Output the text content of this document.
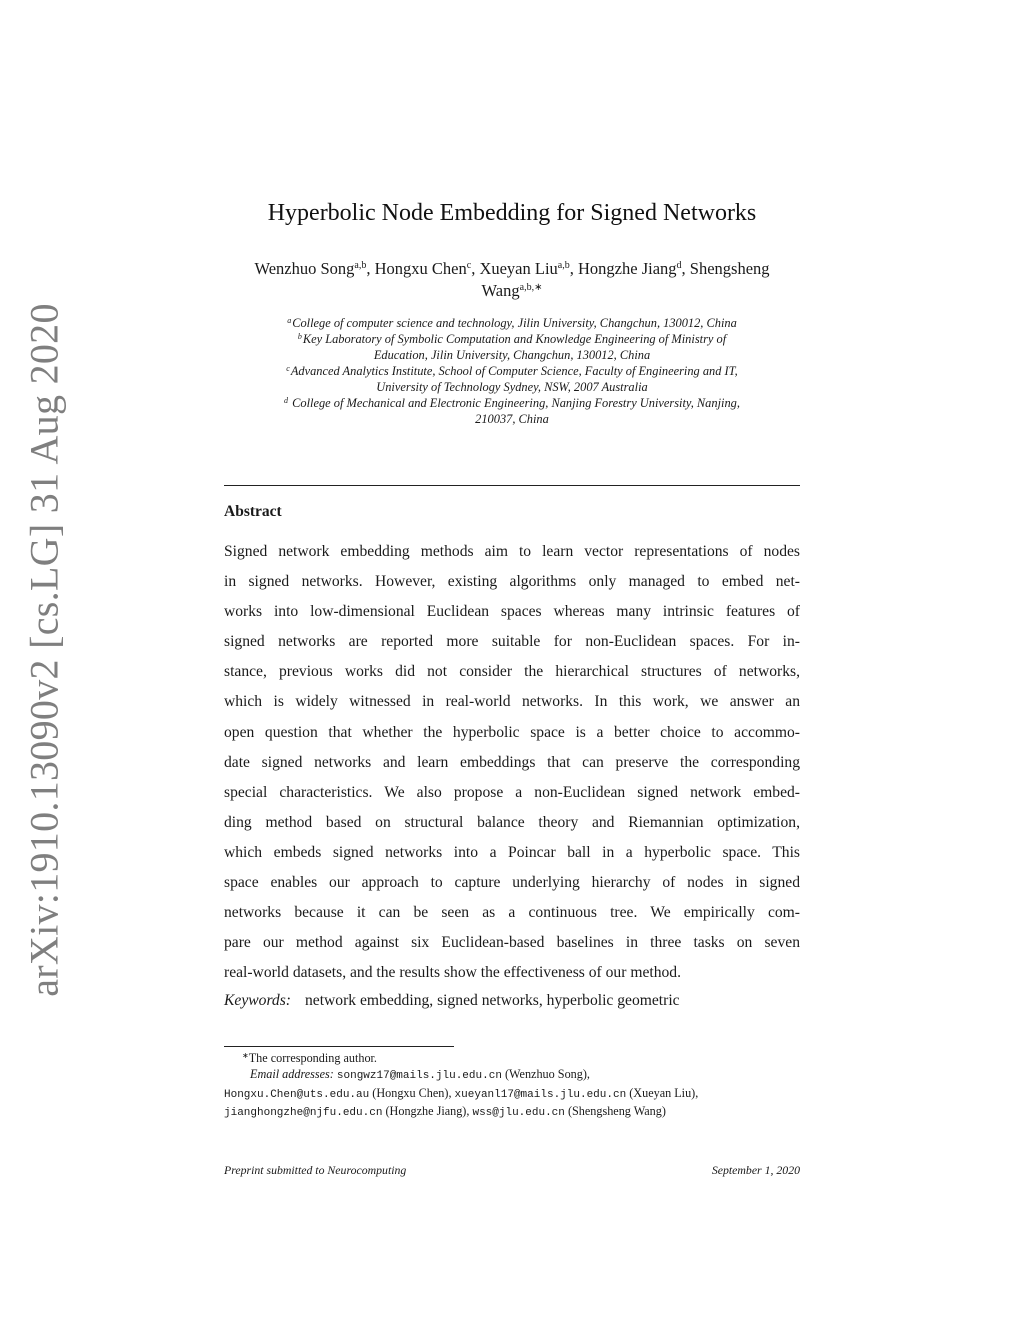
arXiv:1910.13090v2 [cs.LG] 31 Aug 2020
Hyperbolic Node Embedding for Signed Networks
Wenzhuo Song$^{a,b}$, Hongxu Chen$^c$, Xueyan Liu$^{a,b}$, Hongzhe Jiang$^d$, Shengsheng
Wang$^{a,b,∗}$
$^a$College of computer science and technology, Jilin University, Changchun, 130012, China
$^b$Key Laboratory of Symbolic Computation and Knowledge Engineering of Ministry of
Education, Jilin University, Changchun, 130012, China
$^c$Advanced Analytics Institute, School of Computer Science, Faculty of Engineering and IT,
University of Technology Sydney, NSW, 2007 Australia
$^d$ College of Mechanical and Electronic Engineering, Nanjing Forestry University, Nanjing,
210037, China
Abstract
Signed network embedding methods aim to learn vector representations of nodes
in signed networks. However, existing algorithms only managed to embed net-
works into low-dimensional Euclidean spaces whereas many intrinsic features of
signed networks are reported more suitable for non-Euclidean spaces. For in-
stance, previous works did not consider the hierarchical structures of networks,
which is widely witnessed in real-world networks. In this work, we answer an
open question that whether the hyperbolic space is a better choice to accommo-
date signed networks and learn embeddings that can preserve the corresponding
special characteristics. We also propose a non-Euclidean signed network embed-
ding method based on structural balance theory and Riemannian optimization,
which embeds signed networks into a Poincar ball in a hyperbolic space. This
space enables our approach to capture underlying hierarchy of nodes in signed
networks because it can be seen as a continuous tree. We empirically com-
pare our method against six Euclidean-based baselines in three tasks on seven
real-world datasets, and the results show the effectiveness of our method.
Keywords: network embedding, signed networks, hyperbolic geometric
∗The corresponding author.
Email addresses: songwz17@mails.jlu.edu.cn (Wenzhuo Song),
Hongxu.Chen@uts.edu.au (Hongxu Chen), xueyanl17@mails.jlu.edu.cn (Xueyan Liu),
jianghongzhe@njfu.edu.cn (Hongzhe Jiang), wss@jlu.edu.cn (Shengsheng Wang)
Preprint submitted to Neurocomputing	September 1, 2020
